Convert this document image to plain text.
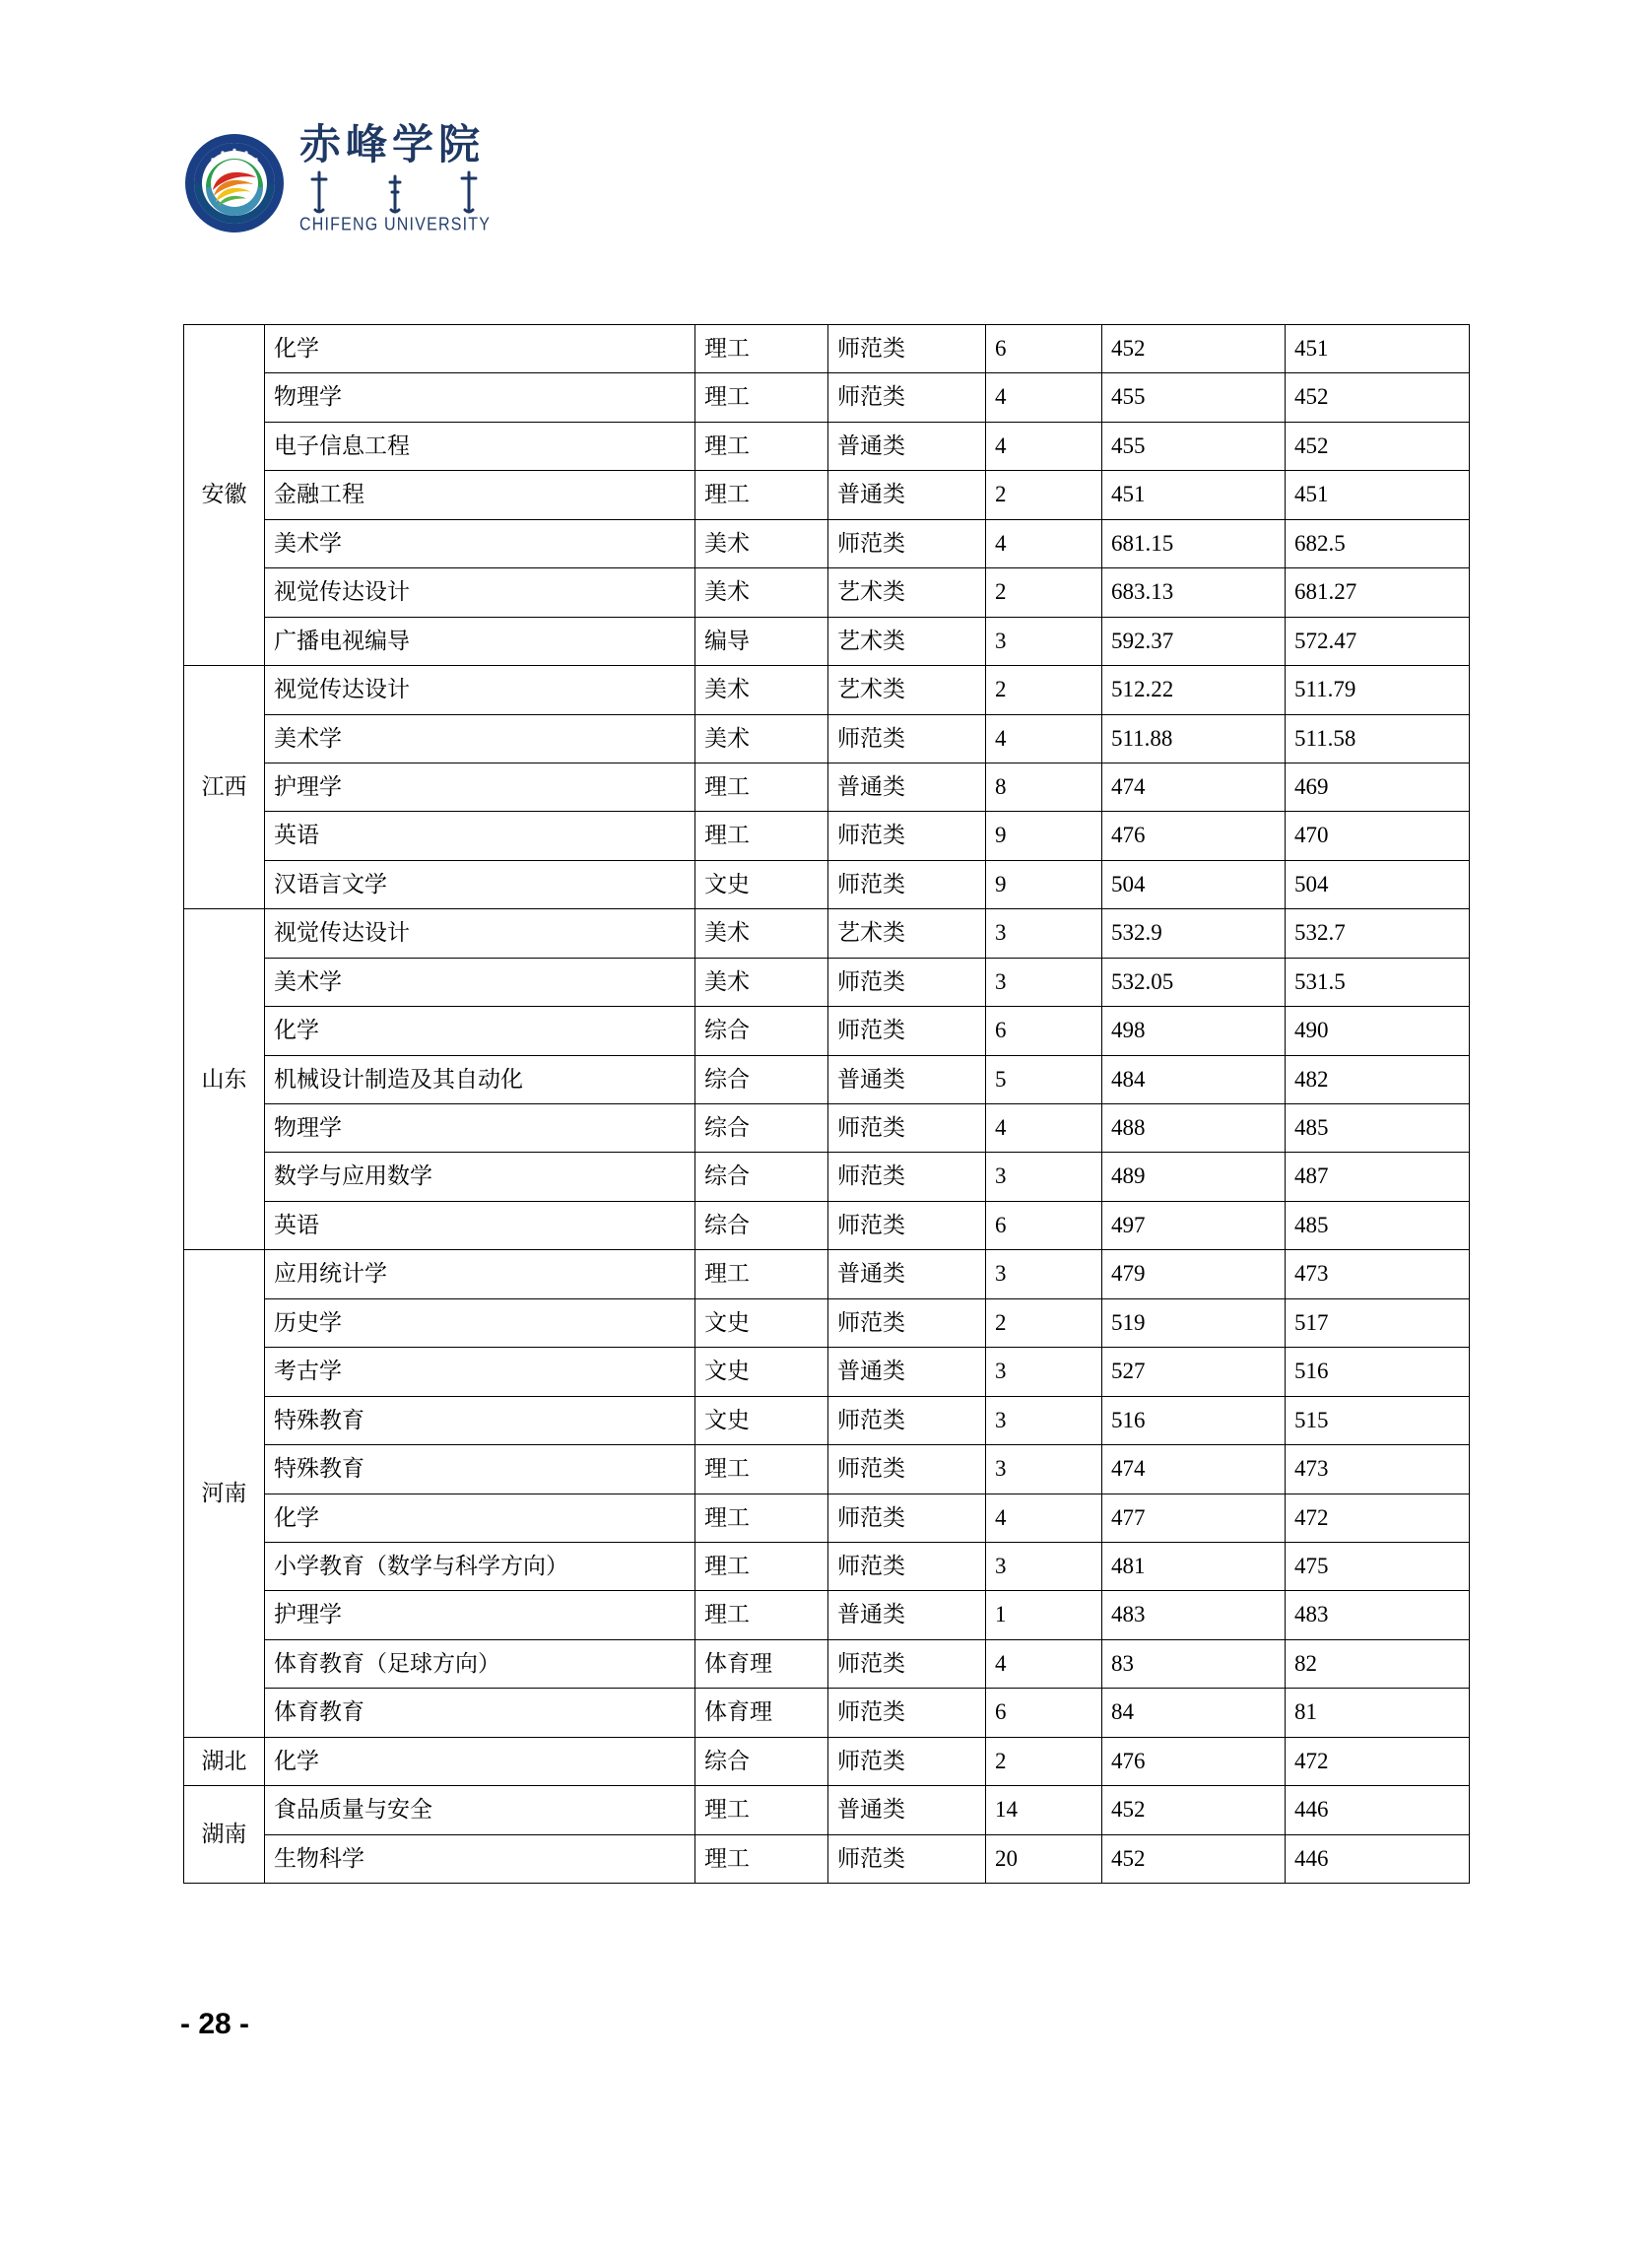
赤峰学院
CHIFENG UNIVERSITY
安徽	化学	理工	师范类	6	452	451
	物理学	理工	师范类	4	455	452
	电子信息工程	理工	普通类	4	455	452
	金融工程	理工	普通类	2	451	451
	美术学	美术	师范类	4	681.15	682.5
	视觉传达设计	美术	艺术类	2	683.13	681.27
	广播电视编导	编导	艺术类	3	592.37	572.47
江西	视觉传达设计	美术	艺术类	2	512.22	511.79
	美术学	美术	师范类	4	511.88	511.58
	护理学	理工	普通类	8	474	469
	英语	理工	师范类	9	476	470
	汉语言文学	文史	师范类	9	504	504
山东	视觉传达设计	美术	艺术类	3	532.9	532.7
	美术学	美术	师范类	3	532.05	531.5
	化学	综合	师范类	6	498	490
	机械设计制造及其自动化	综合	普通类	5	484	482
	物理学	综合	师范类	4	488	485
	数学与应用数学	综合	师范类	3	489	487
	英语	综合	师范类	6	497	485
河南	应用统计学	理工	普通类	3	479	473
	历史学	文史	师范类	2	519	517
	考古学	文史	普通类	3	527	516
	特殊教育	文史	师范类	3	516	515
	特殊教育	理工	师范类	3	474	473
	化学	理工	师范类	4	477	472
	小学教育（数学与科学方向）	理工	师范类	3	481	475
	护理学	理工	普通类	1	483	483
	体育教育（足球方向）	体育理	师范类	4	83	82
	体育教育	体育理	师范类	6	84	81
湖北	化学	综合	师范类	2	476	472
湖南	食品质量与安全	理工	普通类	14	452	446
	生物科学	理工	师范类	20	452	446
- 28 -
